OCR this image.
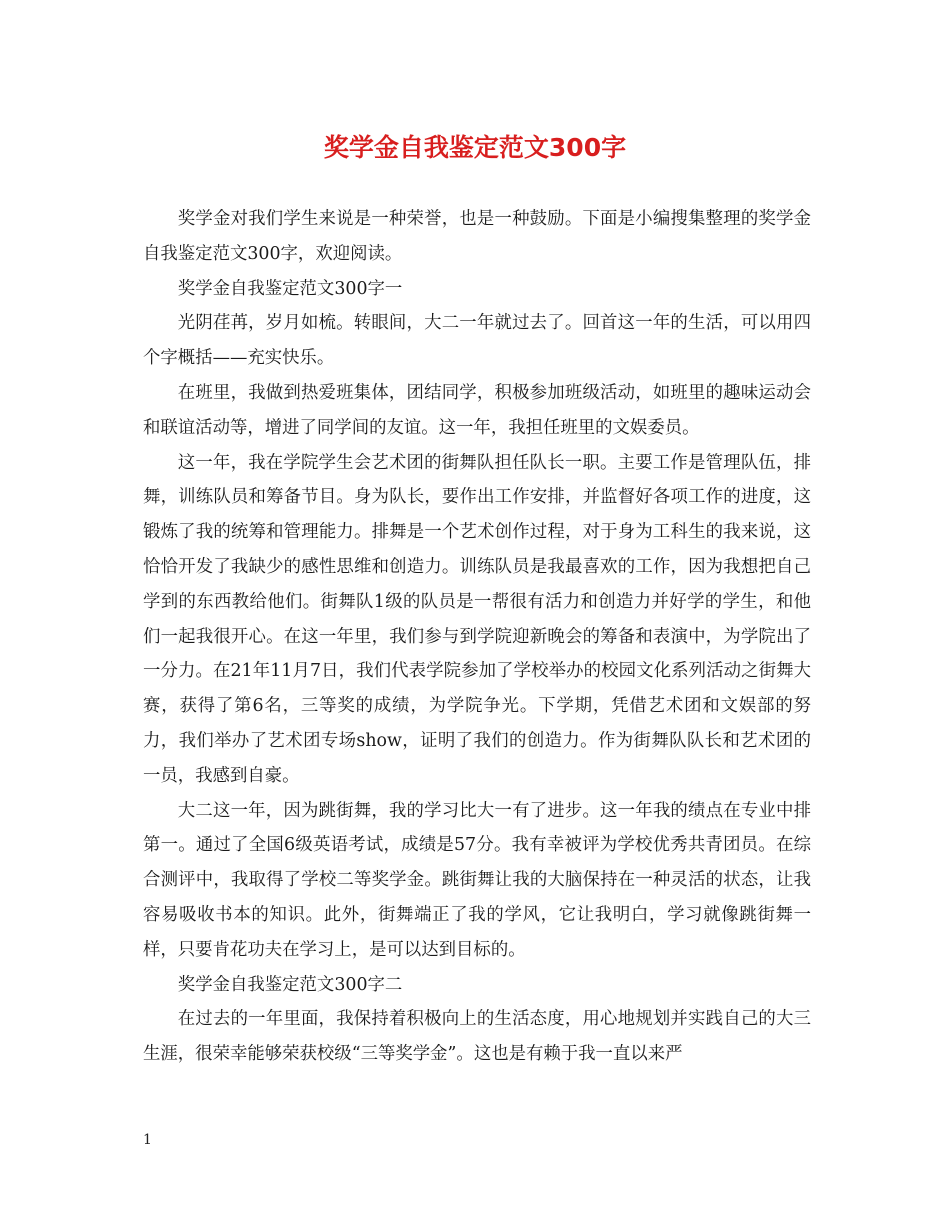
奖学金自我鉴定范文300字

奖学金对我们学生来说是一种荣誉，也是一种鼓励。下面是小编搜集整理的奖学金自我鉴定范文300字，欢迎阅读。

奖学金自我鉴定范文300字一

光阴荏苒，岁月如梳。转眼间，大二一年就过去了。回首这一年的生活，可以用四个字概括——充实快乐。

在班里，我做到热爱班集体，团结同学，积极参加班级活动，如班里的趣味运动会和联谊活动等，增进了同学间的友谊。这一年，我担任班里的文娱委员。

这一年，我在学院学生会艺术团的街舞队担任队长一职。主要工作是管理队伍，排舞，训练队员和筹备节目。身为队长，要作出工作安排，并监督好各项工作的进度，这锻炼了我的统筹和管理能力。排舞是一个艺术创作过程，对于身为工科生的我来说，这恰恰开发了我缺少的感性思维和创造力。训练队员是我最喜欢的工作，因为我想把自己学到的东西教给他们。街舞队1级的队员是一帮很有活力和创造力并好学的学生，和他们一起我很开心。在这一年里，我们参与到学院迎新晚会的筹备和表演中，为学院出了一分力。在21年11月7日，我们代表学院参加了学校举办的校园文化系列活动之街舞大赛，获得了第6名，三等奖的成绩，为学院争光。下学期，凭借艺术团和文娱部的努力，我们举办了艺术团专场show，证明了我们的创造力。作为街舞队队长和艺术团的一员，我感到自豪。

大二这一年，因为跳街舞，我的学习比大一有了进步。这一年我的绩点在专业中排第一。通过了全国6级英语考试，成绩是57分。我有幸被评为学校优秀共青团员。在综合测评中，我取得了学校二等奖学金。跳街舞让我的大脑保持在一种灵活的状态，让我容易吸收书本的知识。此外，街舞端正了我的学风，它让我明白，学习就像跳街舞一样，只要肯花功夫在学习上，是可以达到目标的。

奖学金自我鉴定范文300字二

在过去的一年里面，我保持着积极向上的生活态度，用心地规划并实践自己的大三生涯，很荣幸能够荣获校级“三等奖学金”。这也是有赖于我一直以来严

1
